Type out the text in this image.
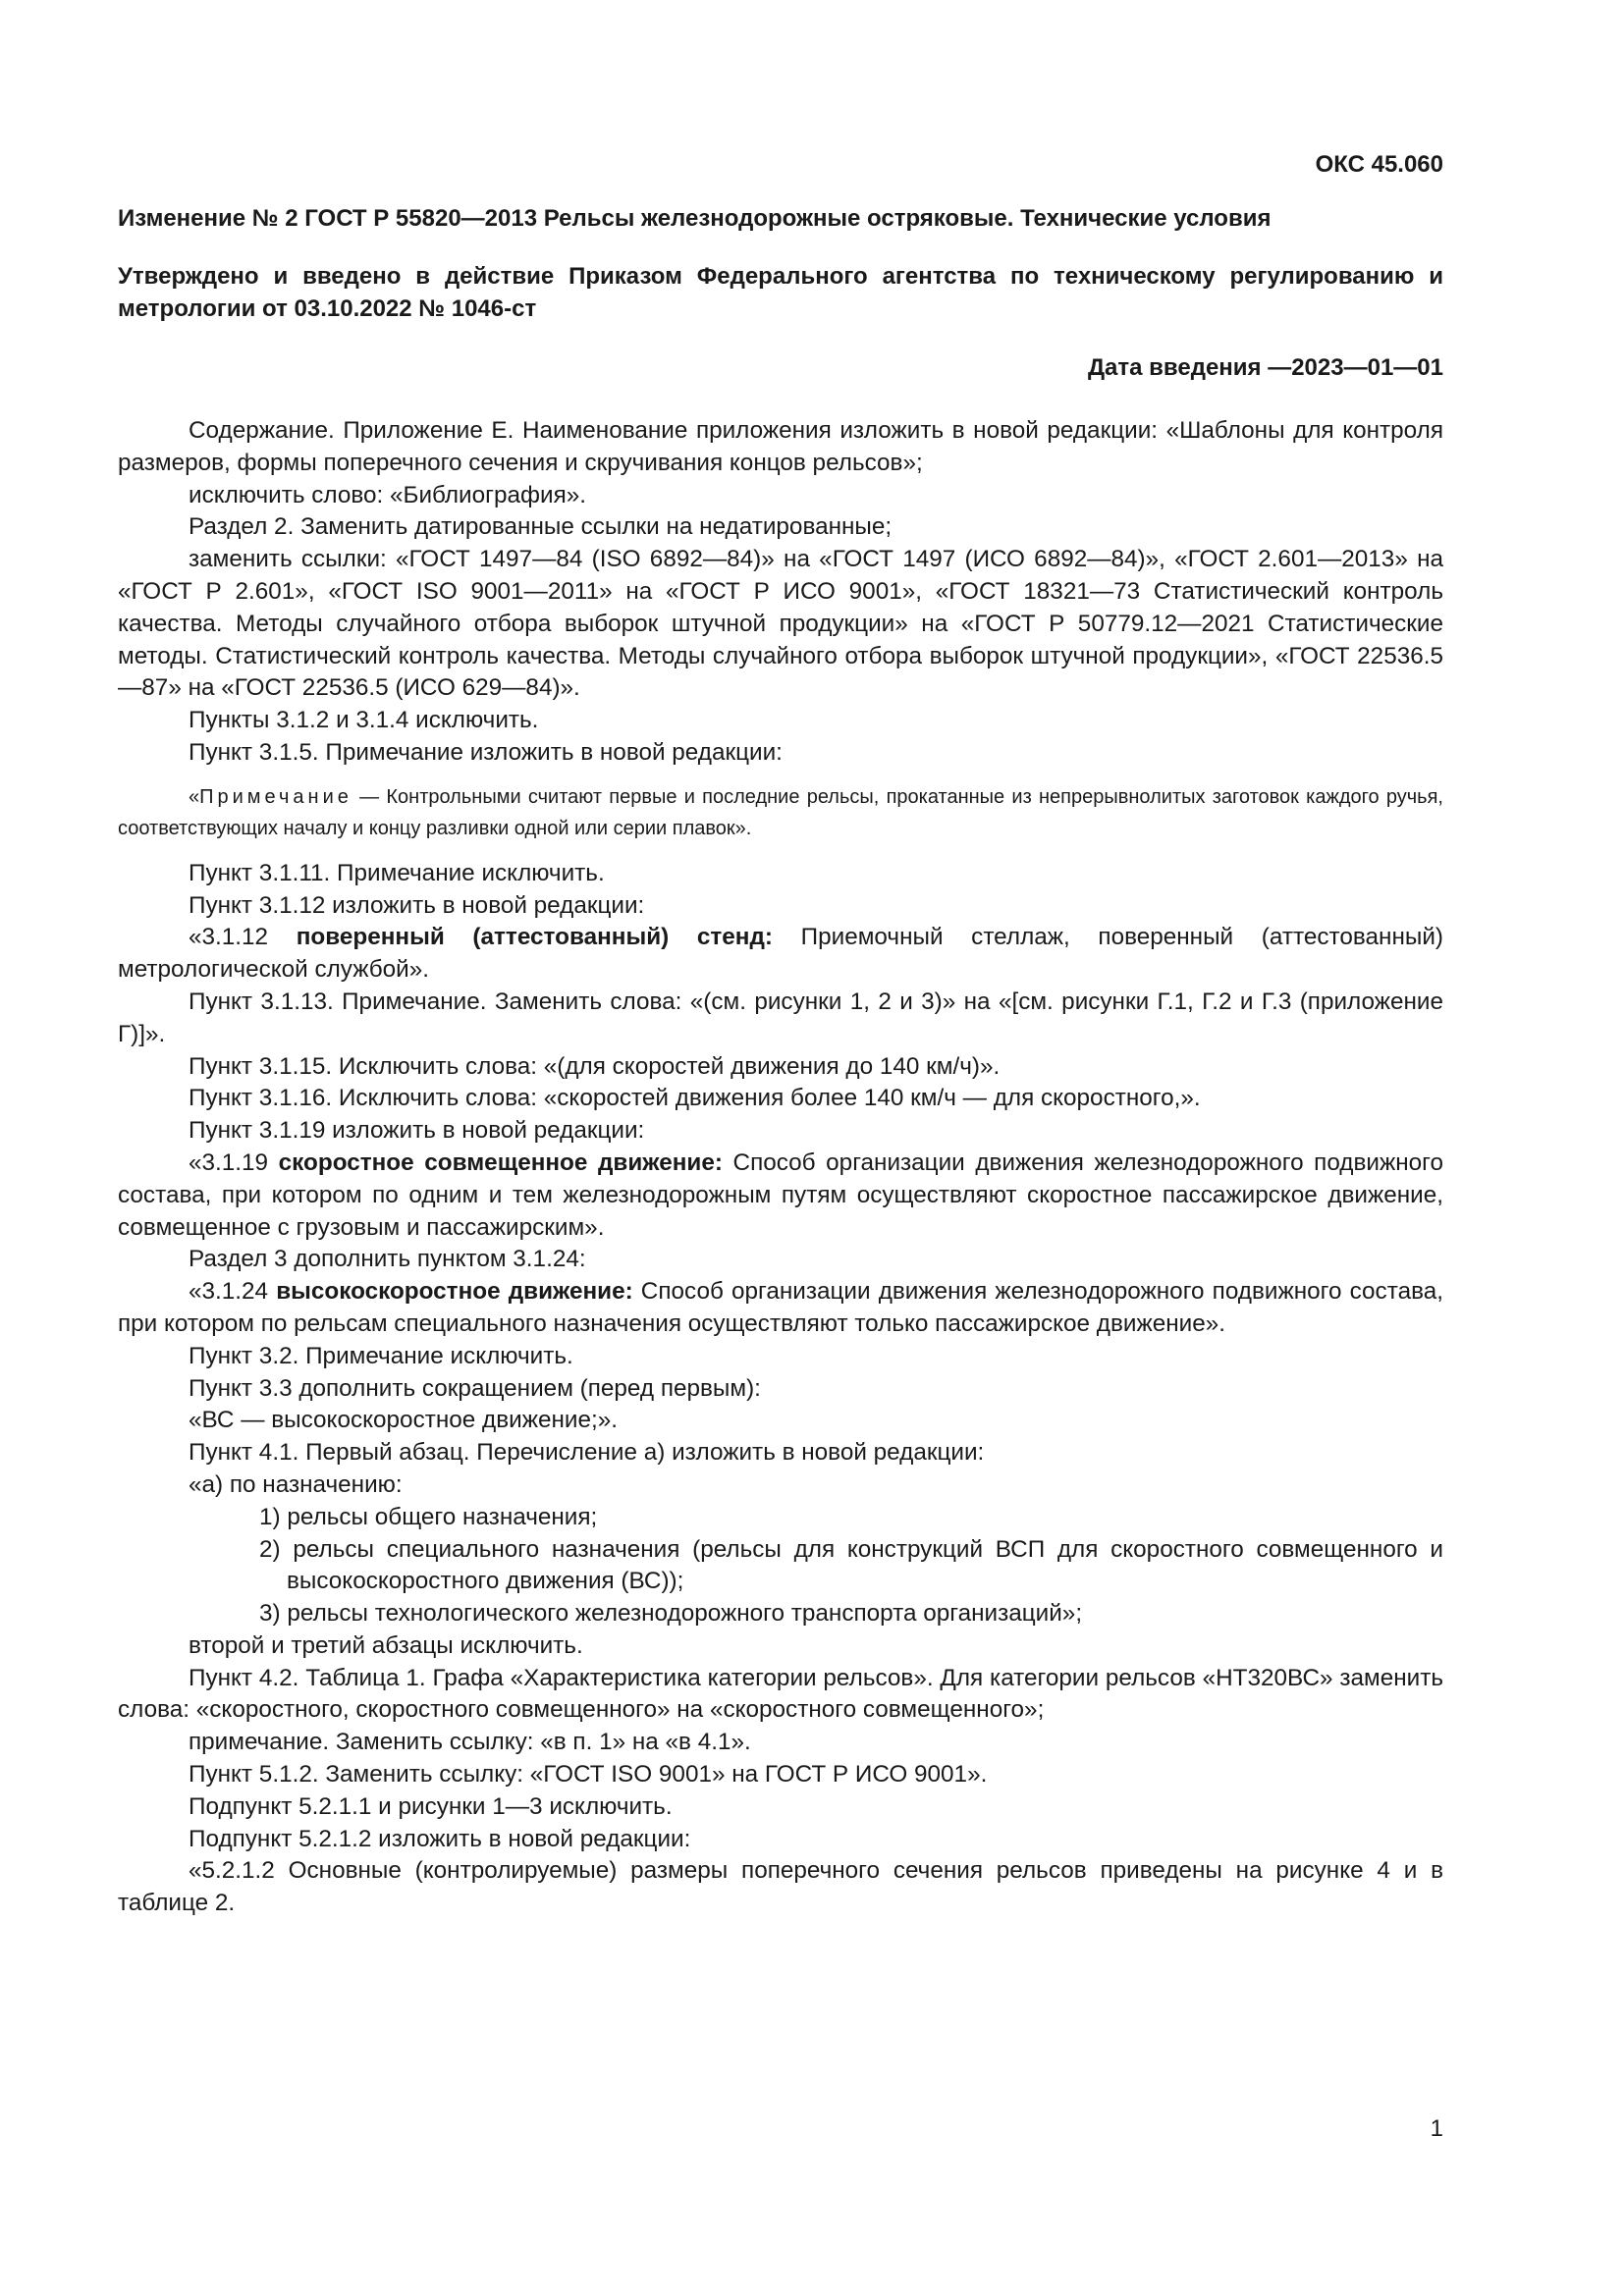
ОКС 45.060

Изменение № 2 ГОСТ Р 55820—2013 Рельсы железнодорожные остряковые. Технические условия

Утверждено и введено в действие Приказом Федерального агентства по техническому регулированию и метрологии от 03.10.2022 № 1046-ст

Дата введения —2023—01—01

Содержание. Приложение Е. Наименование приложения изложить в новой редакции: «Шаблоны для контроля размеров, формы поперечного сечения и скручивания концов рельсов»;

исключить слово: «Библиография».

Раздел 2. Заменить датированные ссылки на недатированные;

заменить ссылки: «ГОСТ 1497—84 (ISO 6892—84)» на «ГОСТ 1497 (ИСО 6892—84)», «ГОСТ 2.601—2013» на «ГОСТ Р 2.601», «ГОСТ ISO 9001—2011» на «ГОСТ Р ИСО 9001», «ГОСТ 18321—73 Статистический контроль качества. Методы случайного отбора выборок штучной продукции» на «ГОСТ Р 50779.12—2021 Статистические методы. Статистический контроль качества. Методы случайного отбора выборок штучной продукции», «ГОСТ 22536.5—87» на «ГОСТ 22536.5 (ИСО 629—84)».

Пункты 3.1.2 и 3.1.4 исключить.

Пункт 3.1.5. Примечание изложить в новой редакции:

«Примечание — Контрольными считают первые и последние рельсы, прокатанные из непрерывнолитых заготовок каждого ручья, соответствующих началу и концу разливки одной или серии плавок».

Пункт 3.1.11. Примечание исключить.

Пункт 3.1.12 изложить в новой редакции:

«3.1.12 поверенный (аттестованный) стенд: Приемочный стеллаж, поверенный (аттестованный) метрологической службой».

Пункт 3.1.13. Примечание. Заменить слова: «(см. рисунки 1, 2 и 3)» на «[см. рисунки Г.1, Г.2 и Г.3 (приложение Г)]».

Пункт 3.1.15. Исключить слова: «(для скоростей движения до 140 км/ч)».

Пункт 3.1.16. Исключить слова: «скоростей движения более 140 км/ч — для скоростного,».

Пункт 3.1.19 изложить в новой редакции:

«3.1.19 скоростное совмещенное движение: Способ организации движения железнодорожного подвижного состава, при котором по одним и тем железнодорожным путям осуществляют скоростное пассажирское движение, совмещенное с грузовым и пассажирским».

Раздел 3 дополнить пунктом 3.1.24:

«3.1.24 высокоскоростное движение: Способ организации движения железнодорожного подвижного состава, при котором по рельсам специального назначения осуществляют только пассажирское движение».

Пункт 3.2. Примечание исключить.

Пункт 3.3 дополнить сокращением (перед первым):

«ВС — высокоскоростное движение;».

Пункт 4.1. Первый абзац. Перечисление а) изложить в новой редакции:

«а) по назначению:

1) рельсы общего назначения;

2) рельсы специального назначения (рельсы для конструкций ВСП для скоростного совмещенного и высокоскоростного движения (ВС));

3) рельсы технологического железнодорожного транспорта организаций»;

второй и третий абзацы исключить.

Пункт 4.2. Таблица 1. Графа «Характеристика категории рельсов». Для категории рельсов «НТ320ВС» заменить слова: «скоростного, скоростного совмещенного» на «скоростного совмещенного»;

примечание. Заменить ссылку: «в п. 1» на «в 4.1».

Пункт 5.1.2. Заменить ссылку: «ГОСТ ISO 9001» на ГОСТ Р ИСО 9001».

Подпункт 5.2.1.1 и рисунки 1—3 исключить.

Подпункт 5.2.1.2 изложить в новой редакции:

«5.2.1.2 Основные (контролируемые) размеры поперечного сечения рельсов приведены на рисунке 4 и в таблице 2.

1
